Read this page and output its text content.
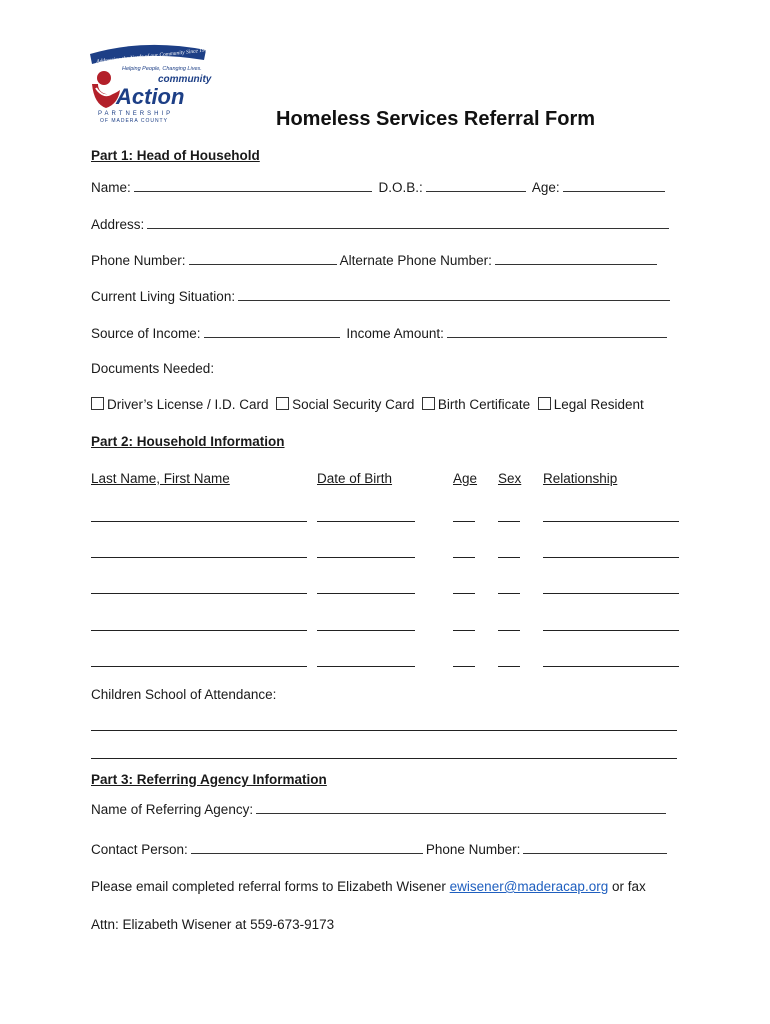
Addressing the Needs of our Community Since 1965
Helping People, Changing Lives.
community
Action
PARTNERSHIP
OF MADERA COUNTY	Homeless Services Referral Form
Part 1: Head of Household
Name:	D.O.B.:	Age:
Address:
Phone Number:	Alternate Phone Number:
Current Living Situation:
Source of Income:	Income Amount:
Documents Needed:
Driver’s License / I.D. Card Social Security Card Birth Certificate Legal Resident
Part 2: Household Information
Last Name, First Name	Date of Birth	Age Sex Relationship
Children School of Attendance:
Part 3: Referring Agency Information
Name of Referring Agency:
Contact Person:	Phone Number:
Please email completed referral forms to Elizabeth Wisener ewisener@maderacap.org or fax
Attn: Elizabeth Wisener at 559-673-9173
